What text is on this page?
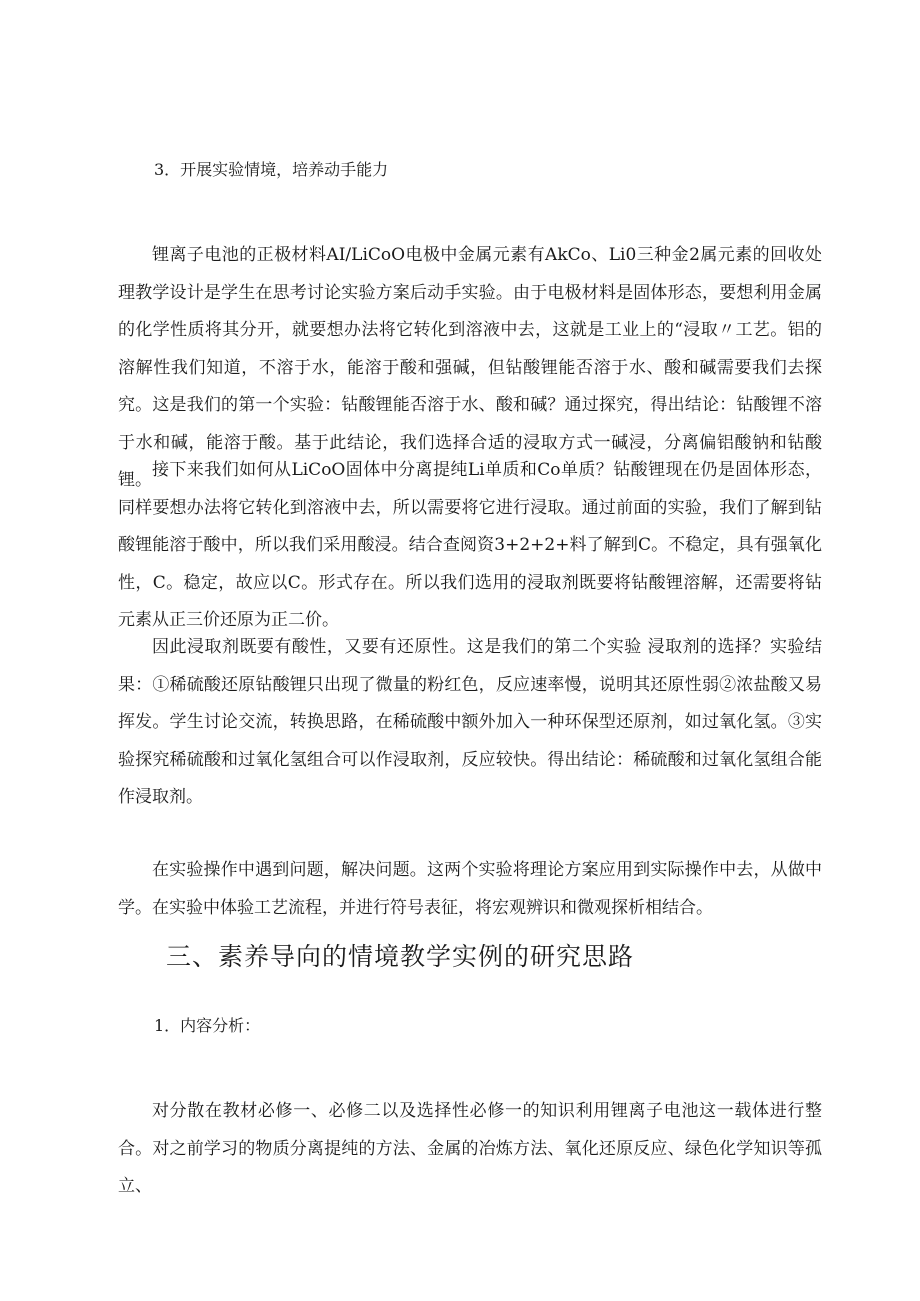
3．开展实验情境，培养动手能力

锂离子电池的正极材料AI/LiCoO电极中金属元素有AkCo、Li0三种金2属元素的回收处理教学设计是学生在思考讨论实验方案后动手实验。由于电极材料是固体形态，要想利用金属的化学性质将其分开，就要想办法将它转化到溶液中去，这就是工业上的“浸取〃工艺。铝的溶解性我们知道，不溶于水，能溶于酸和强碱，但钻酸锂能否溶于水、酸和碱需要我们去探究。这是我们的第一个实验：钻酸锂能否溶于水、酸和碱？通过探究，得出结论：钻酸锂不溶于水和碱，能溶于酸。基于此结论，我们选择合适的浸取方式一碱浸，分离偏铝酸钠和钻酸锂。 接下来我们如何从LiCoO固体中分离提纯Li单质和Co单质？钻酸锂现在仍是固体形态，同样要想办法将它转化到溶液中去，所以需要将它进行浸取。通过前面的实验，我们了解到钻酸锂能溶于酸中，所以我们采用酸浸。结合查阅资3+2+2+料了解到C。不稳定，具有强氧化性，C。稳定，故应以C。形式存在。所以我们选用的浸取剂既要将钻酸锂溶解，还需要将钻元素从正三价还原为正二价。

因此浸取剂既要有酸性，又要有还原性。这是我们的第二个实验 浸取剂的选择？实验结果：①稀硫酸还原钻酸锂只出现了微量的粉红色，反应速率慢，说明其还原性弱②浓盐酸又易挥发。学生讨论交流，转换思路，在稀硫酸中额外加入一种环保型还原剂，如过氧化氢。③实验探究稀硫酸和过氧化氢组合可以作浸取剂，反应较快。得出结论：稀硫酸和过氧化氢组合能作浸取剂。

在实验操作中遇到问题，解决问题。这两个实验将理论方案应用到实际操作中去，从做中学。在实验中体验工艺流程，并进行符号表征，将宏观辨识和微观探析相结合。

三、素养导向的情境教学实例的研究思路
1．内容分析：

对分散在教材必修一、必修二以及选择性必修一的知识利用锂离子电池这一载体进行整合。对之前学习的物质分离提纯的方法、金属的冶炼方法、氧化还原反应、绿色化学知识等孤立、
